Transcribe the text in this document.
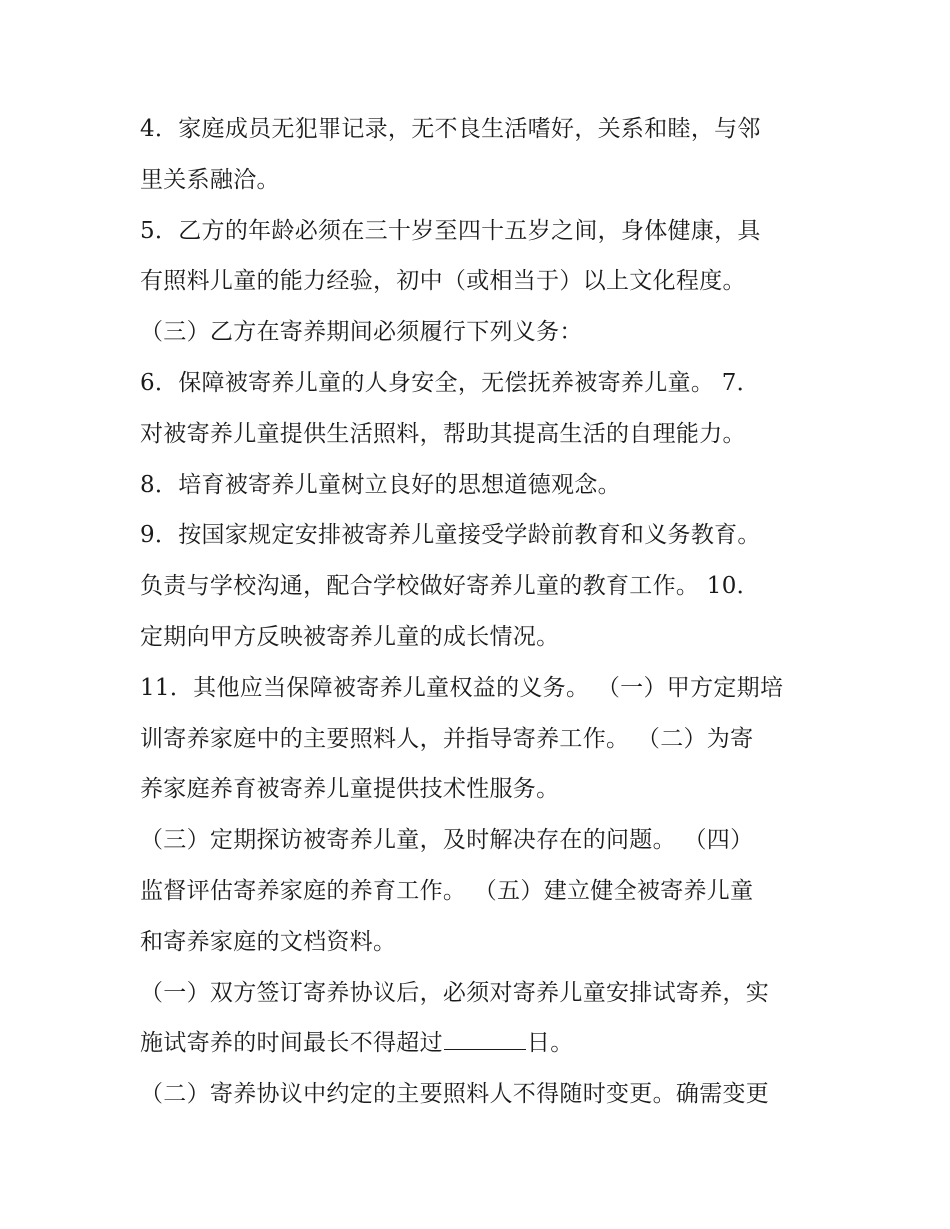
4．家庭成员无犯罪记录，无不良生活嗜好，关系和睦，与邻
里关系融洽。
5．乙方的年龄必须在三十岁至四十五岁之间，身体健康，具
有照料儿童的能力经验，初中（或相当于）以上文化程度。
（三）乙方在寄养期间必须履行下列义务：
6．保障被寄养儿童的人身安全，无偿抚养被寄养儿童。 7．
对被寄养儿童提供生活照料，帮助其提高生活的自理能力。
8．培育被寄养儿童树立良好的思想道德观念。
9．按国家规定安排被寄养儿童接受学龄前教育和义务教育。
负责与学校沟通，配合学校做好寄养儿童的教育工作。 10．
定期向甲方反映被寄养儿童的成长情况。
11．其他应当保障被寄养儿童权益的义务。 （一）甲方定期培
训寄养家庭中的主要照料人，并指导寄养工作。 （二）为寄
养家庭养育被寄养儿童提供技术性服务。
（三）定期探访被寄养儿童，及时解决存在的问题。 （四）
监督评估寄养家庭的养育工作。 （五）建立健全被寄养儿童
和寄养家庭的文档资料。
（一）双方签订寄养协议后，必须对寄养儿童安排试寄养，实
施试寄养的时间最长不得超过	日。
（二）寄养协议中约定的主要照料人不得随时变更。确需变更
